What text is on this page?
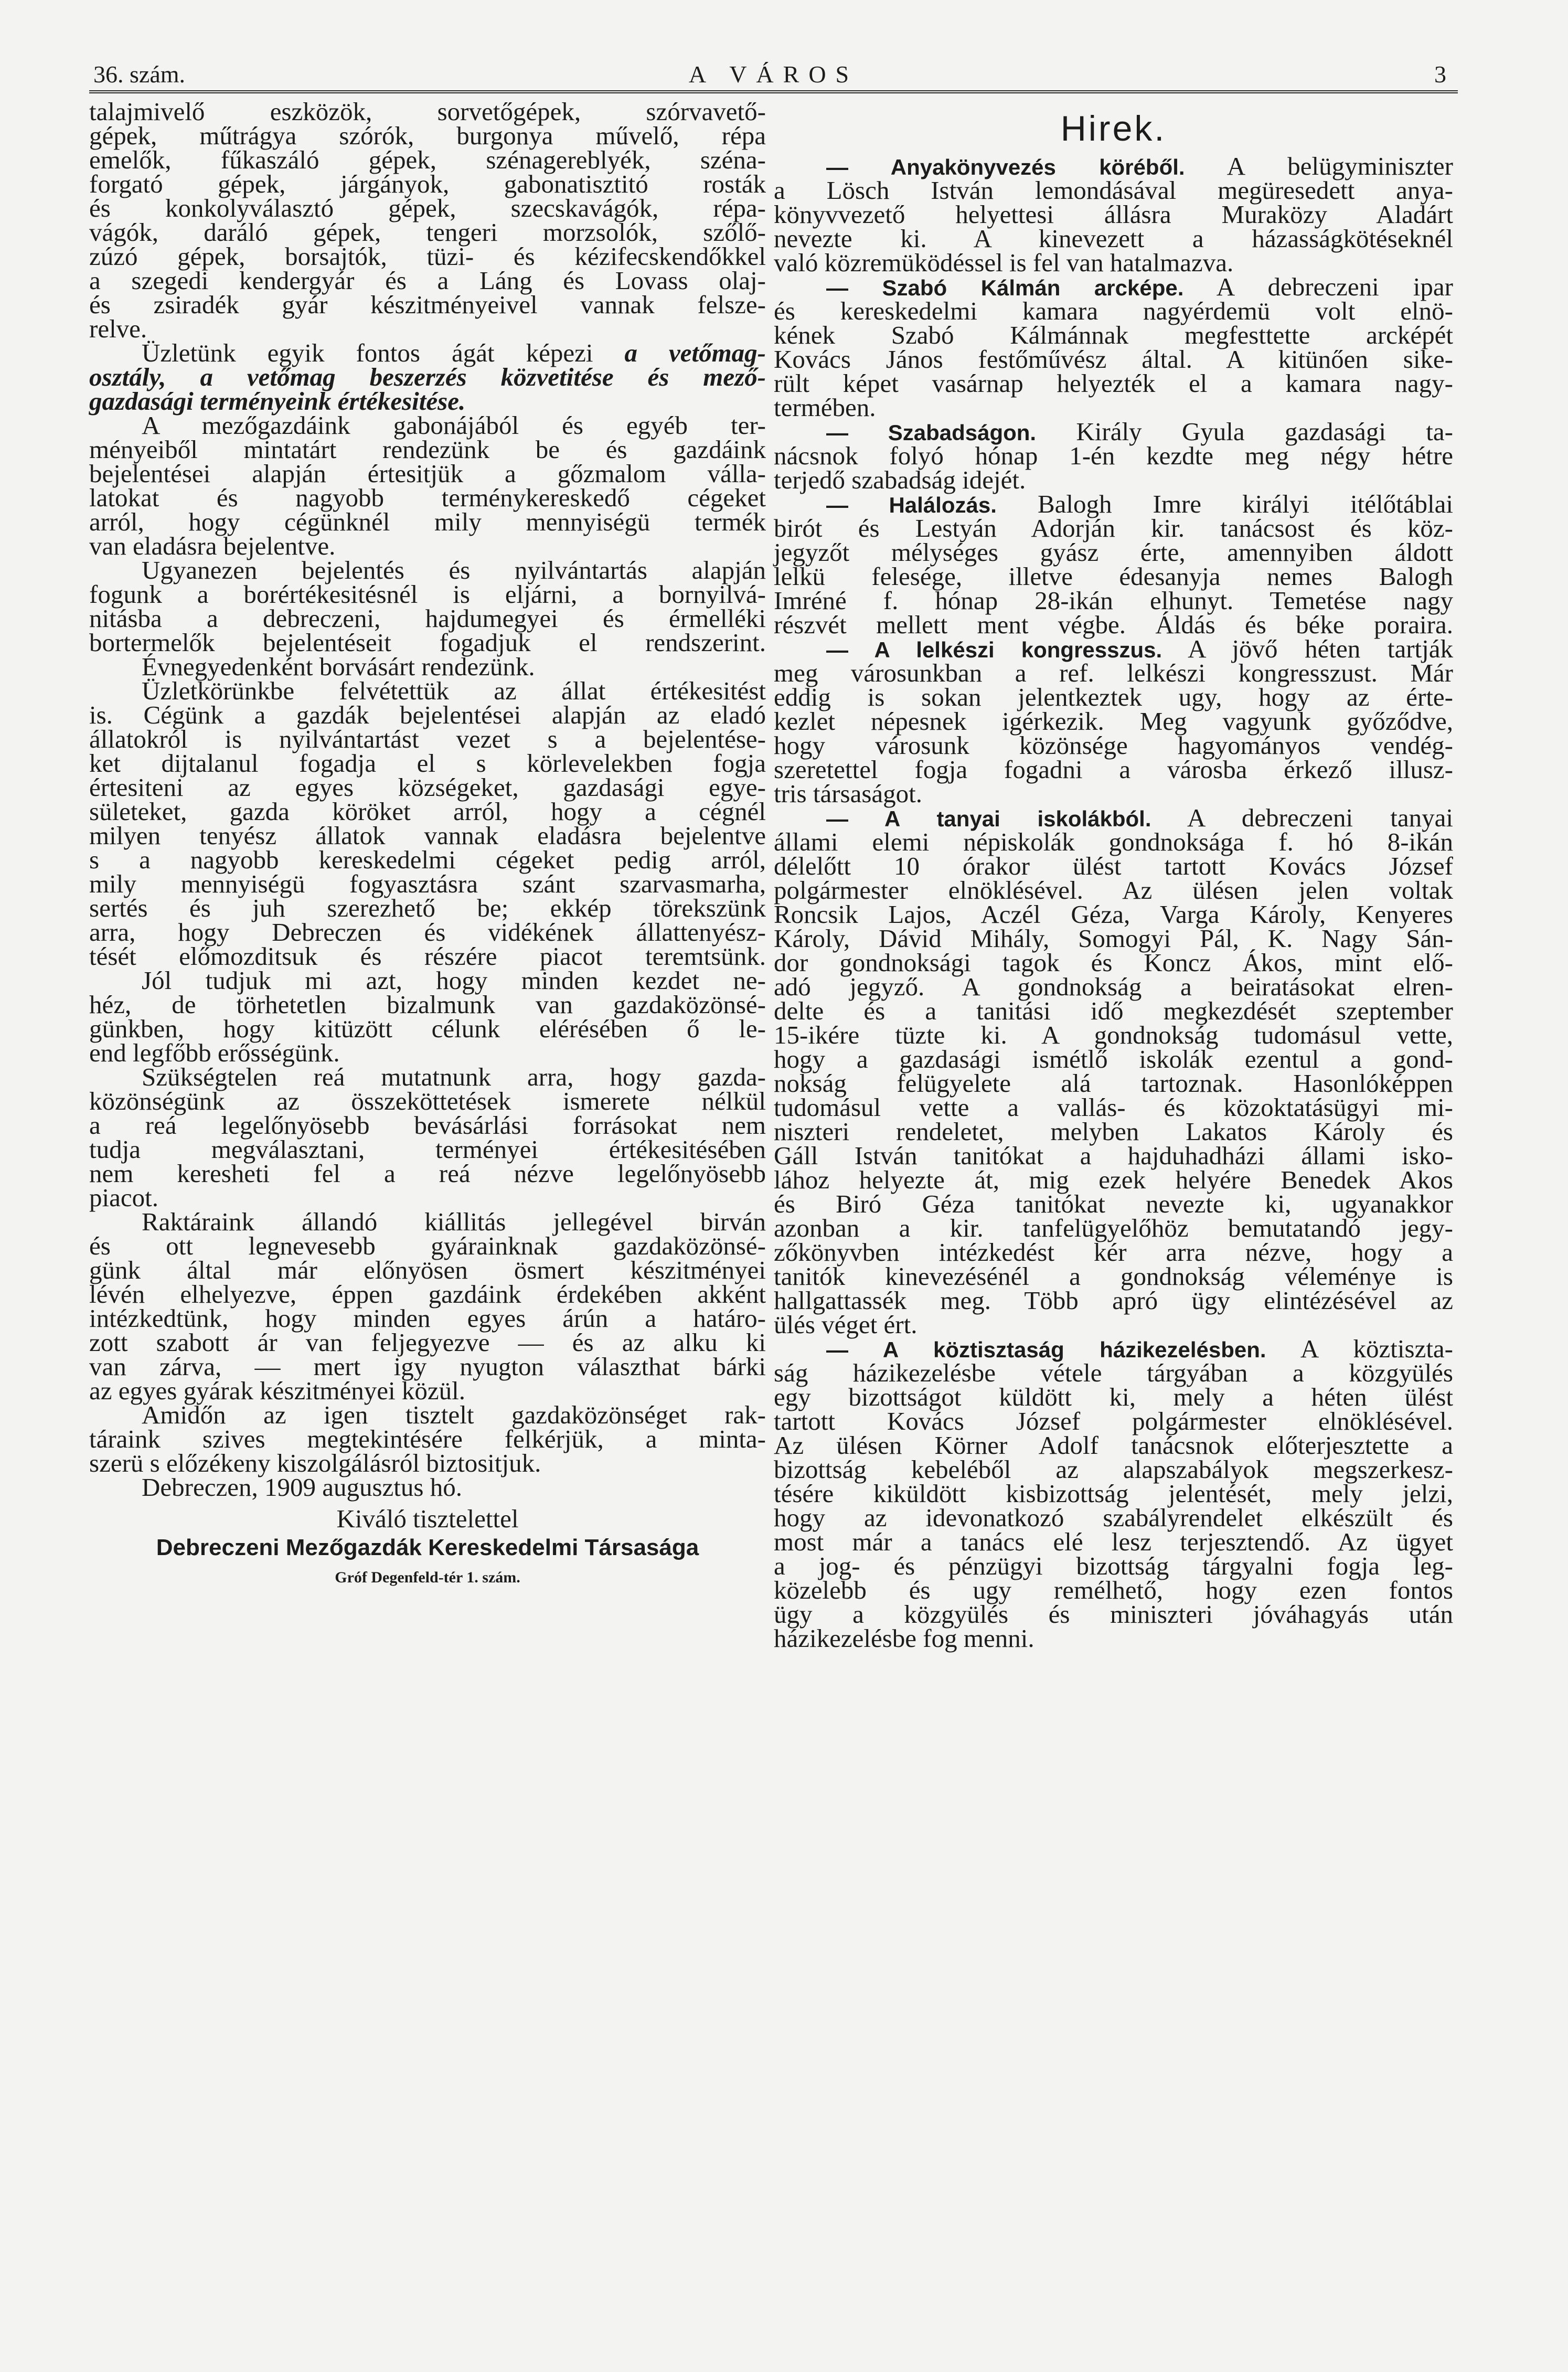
36. szám.	A VÁROS	3
talajmivelő eszközök, sorvetőgépek, szórvavető-
gépek, műtrágya szórók, burgonya művelő, répa
emelők, fűkaszáló gépek, szénagereblyék, széna-
forgató gépek, járgányok, gabonatisztitó rosták
és konkolyválasztó gépek, szecskavágók, répa-
vágók, daráló gépek, tengeri morzsolók, szőlő-
zúzó gépek, borsajtók, tüzi- és kézifecskendőkkel
a szegedi kendergyár és a Láng és Lovass olaj-
és zsiradék gyár készitményeivel vannak felsze-
relve.
Üzletünk egyik fontos ágát képezi a vetőmag-
osztály, a vetőmag beszerzés közvetitése és mező-
gazdasági terményeink értékesitése.
A mezőgazdáink gabonájából és egyéb ter-
ményeiből mintatárt rendezünk be és gazdáink
bejelentései alapján értesitjük a gőzmalom válla-
latokat és nagyobb terménykereskedő cégeket
arról, hogy cégünknél mily mennyiségü termék
van eladásra bejelentve.
Ugyanezen bejelentés és nyilvántartás alapján
fogunk a borértékesitésnél is eljárni, a bornyilvá-
nitásba a debreczeni, hajdumegyei és érmelléki
bortermelők bejelentéseit fogadjuk el rendszerint.
Évnegyedenként borvásárt rendezünk.
Üzletkörünkbe felvétettük az állat értékesitést
is. Cégünk a gazdák bejelentései alapján az eladó
állatokról is nyilvántartást vezet s a bejelentése-
ket dijtalanul fogadja el s körlevelekben fogja
értesiteni az egyes községeket, gazdasági egye-
sületeket, gazda köröket arról, hogy a cégnél
milyen tenyész állatok vannak eladásra bejelentve
s a nagyobb kereskedelmi cégeket pedig arról,
mily mennyiségü fogyasztásra szánt szarvasmarha,
sertés és juh szerezhető be; ekkép törekszünk
arra, hogy Debreczen és vidékének állattenyész-
tését előmozditsuk és részére piacot teremtsünk.
Jól tudjuk mi azt, hogy minden kezdet ne-
héz, de törhetetlen bizalmunk van gazdaközönsé-
günkben, hogy kitüzött célunk elérésében ő le-
end legfőbb erősségünk.
Szükségtelen reá mutatnunk arra, hogy gazda-
közönségünk az összeköttetések ismerete nélkül
a reá legelőnyösebb bevásárlási forrásokat nem
tudja megválasztani, terményei értékesitésében
nem keresheti fel a reá nézve legelőnyösebb
piacot.
Raktáraink állandó kiállitás jellegével birván
és ott legnevesebb gyárainknak gazdaközönsé-
günk által már előnyösen ösmert készitményei
lévén elhelyezve, éppen gazdáink érdekében akként
intézkedtünk, hogy minden egyes árún a határo-
zott szabott ár van feljegyezve — és az alku ki
van zárva, — mert igy nyugton választhat bárki
az egyes gyárak készitményei közül.
Amidőn az igen tisztelt gazdaközönséget rak-
táraink szives megtekintésére felkérjük, a minta-
szerü s előzékeny kiszolgálásról biztositjuk.
Debreczen, 1909 augusztus hó.
Kiváló tisztelettel
Debreczeni Mezőgazdák Kereskedelmi Társasága
Gróf Degenfeld-tér 1. szám.
Hirek.
— Anyakönyvezés köréből. A belügyminiszter
a Lösch István lemondásával megüresedett anya-
könyvvezető helyettesi állásra Muraközy Aladárt
nevezte ki. A kinevezett a házasságkötéseknél
való közremüködéssel is fel van hatalmazva.
— Szabó Kálmán arcképe. A debreczeni ipar
és kereskedelmi kamara nagyérdemü volt elnö-
kének Szabó Kálmánnak megfesttette arcképét
Kovács János festőművész által. A kitünően sike-
rült képet vasárnap helyezték el a kamara nagy-
termében.
— Szabadságon. Király Gyula gazdasági ta-
nácsnok folyó hónap 1-én kezdte meg négy hétre
terjedő szabadság idejét.
— Halálozás. Balogh Imre királyi itélőtáblai
birót és Lestyán Adorján kir. tanácsost és köz-
jegyzőt mélységes gyász érte, amennyiben áldott
lelkü felesége, illetve édesanyja nemes Balogh
Imréné f. hónap 28-ikán elhunyt. Temetése nagy
részvét mellett ment végbe. Áldás és béke poraira.
— A lelkészi kongresszus. A jövő héten tartják
meg városunkban a ref. lelkészi kongresszust. Már
eddig is sokan jelentkeztek ugy, hogy az érte-
kezlet népesnek igérkezik. Meg vagyunk győződve,
hogy városunk közönsége hagyományos vendég-
szeretettel fogja fogadni a városba érkező illusz-
tris társaságot.
— A tanyai iskolákból. A debreczeni tanyai
állami elemi népiskolák gondnoksága f. hó 8-ikán
délelőtt 10 órakor ülést tartott Kovács József
polgármester elnöklésével. Az ülésen jelen voltak
Roncsik Lajos, Aczél Géza, Varga Károly, Kenyeres
Károly, Dávid Mihály, Somogyi Pál, K. Nagy Sán-
dor gondnoksági tagok és Koncz Ákos, mint elő-
adó jegyző. A gondnokság a beiratásokat elren-
delte és a tanitási idő megkezdését szeptember
15-ikére tüzte ki. A gondnokság tudomásul vette,
hogy a gazdasági ismétlő iskolák ezentul a gond-
nokság felügyelete alá tartoznak. Hasonlóképpen
tudomásul vette a vallás- és közoktatásügyi mi-
niszteri rendeletet, melyben Lakatos Károly és
Gáll István tanitókat a hajduhadházi állami isko-
lához helyezte át, mig ezek helyére Benedek Akos
és Biró Géza tanitókat nevezte ki, ugyanakkor
azonban a kir. tanfelügyelőhöz bemutatandó jegy-
zőkönyvben intézkedést kér arra nézve, hogy a
tanitók kinevezésénél a gondnokság véleménye is
hallgattassék meg. Több apró ügy elintézésével az
ülés véget ért.
— A köztisztaság házikezelésben. A köztiszta-
ság házikezelésbe vétele tárgyában a közgyülés
egy bizottságot küldött ki, mely a héten ülést
tartott Kovács József polgármester elnöklésével.
Az ülésen Körner Adolf tanácsnok előterjesztette a
bizottság kebeléből az alapszabályok megszerkesz-
tésére kiküldött kisbizottság jelentését, mely jelzi,
hogy az idevonatkozó szabályrendelet elkészült és
most már a tanács elé lesz terjesztendő. Az ügyet
a jog- és pénzügyi bizottság tárgyalni fogja leg-
közelebb és ugy remélhető, hogy ezen fontos
ügy a közgyülés és miniszteri jóváhagyás után
házikezelésbe fog menni.
